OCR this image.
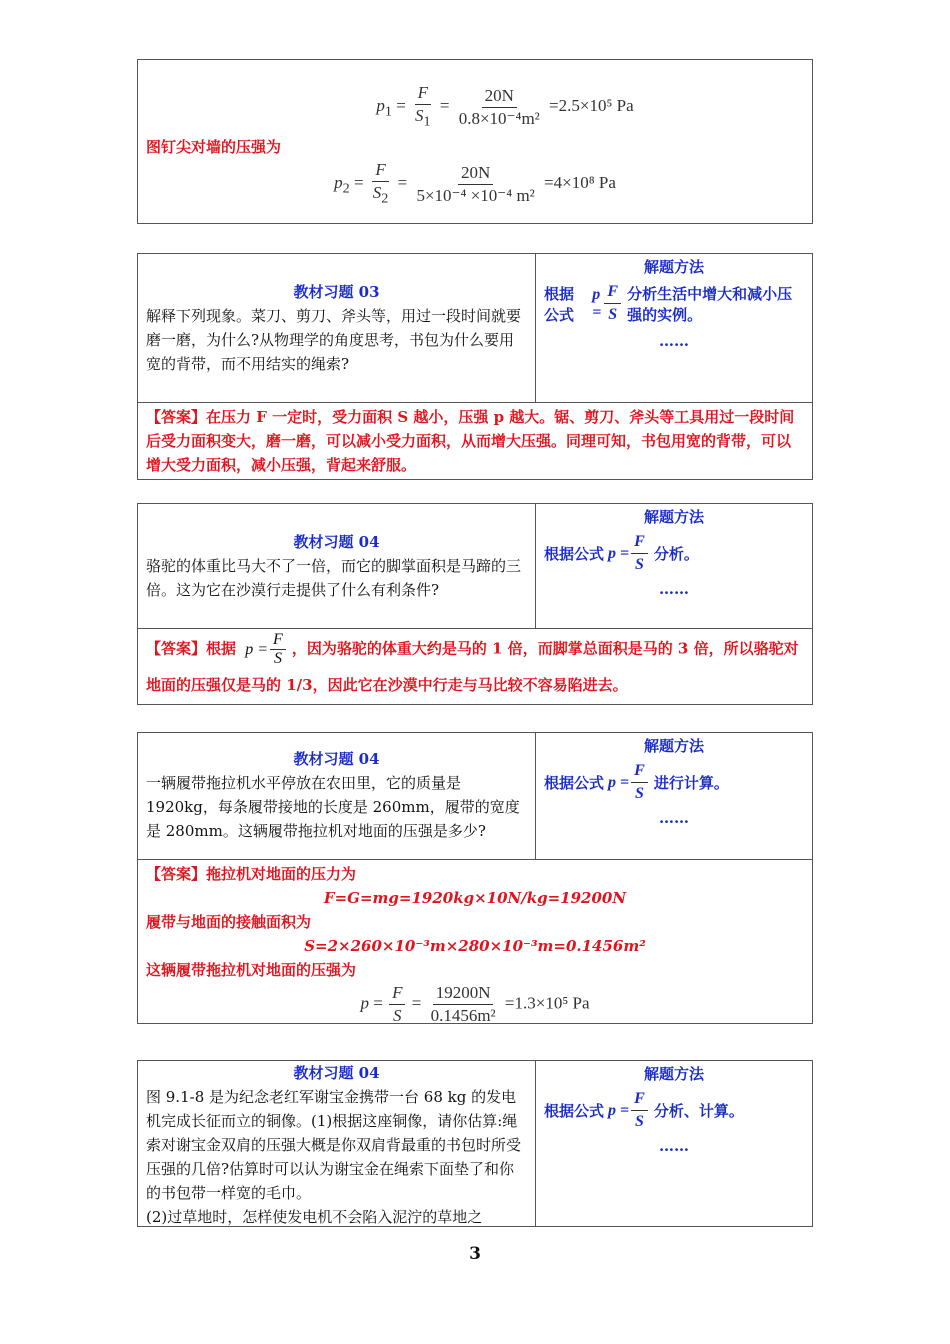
$p_1 = \frac{F}{S_1} = \frac{20N}{\text{0.8×10⁻⁴m²}} =2.5\times 10^5$ Pa
图钉尖对墙的压强为
$p_2 = \frac{F}{S_2} = \frac{20N}{\text{5×10⁻⁴ ×10⁻⁴ m²}} =4\times 10^8$ Pa
教材习题 03
解释下列现象。菜刀、剪刀、斧头等，用过一段时间就要磨一磨，为什么?从物理学的角度思考，书包为什么要用宽的背带，而不用结实的绳索?
解题方法
根据公式
$p = \frac{F}{S}$ 分析生活中增大和减小压强的实例。
……
【答案】在压力 F 一定时，受力面积 S 越小，压强 p 越大。锯、剪刀、斧头等工具用过一段时间后受力面积变大，磨一磨，可以减小受力面积，从而增大压强。同理可知，书包用宽的背带，可以增大受力面积，减小压强，背起来舒服。
教材习题 04
骆驼的体重比马大不了一倍，而它的脚掌面积是马蹄的三倍。这为它在沙漠行走提供了什么有利条件?
解题方法
根据公式 $p = \frac{F}{S}$ 分析。
……
【答案】根据 $p = \frac{F}{S}$ ，因为骆驼的体重大约是马的 1 倍，而脚掌总面积是马的 3 倍，所以骆驼对地面的压强仅是马的 1/3，因此它在沙漠中行走与马比较不容易陷进去。
教材习题 04
一辆履带拖拉机水平停放在农田里，它的质量是 1920kg，每条履带接地的长度是 260mm，履带的宽度是 280mm。这辆履带拖拉机对地面的压强是多少?
解题方法
根据公式 $p = \frac{F}{S}$ 进行计算。
……
【答案】拖拉机对地面的压力为
F=G=mg=1920kg×10N/kg=19200N
履带与地面的接触面积为
S=2×260×10⁻³m×280×10⁻³m=0.1456m²
这辆履带拖拉机对地面的压强为
$p = \frac{F}{S} = \frac{19200N}{\text{0.1456m²}} =1.3\times 10^5$ Pa
教材习题 04
图 9.1-8 是为纪念老红军谢宝金携带一台 68 kg 的发电机完成长征而立的铜像。(1)根据这座铜像，请你估算:绳索对谢宝金双肩的压强大概是你双肩背最重的书包时所受压强的几倍?估算时可以认为谢宝金在绳索下面垫了和你的书包带一样宽的毛巾。
(2)过草地时，怎样使发电机不会陷入泥泞的草地之
解题方法
根据公式 $p = \frac{F}{S}$ 分析、计算。
……
3
